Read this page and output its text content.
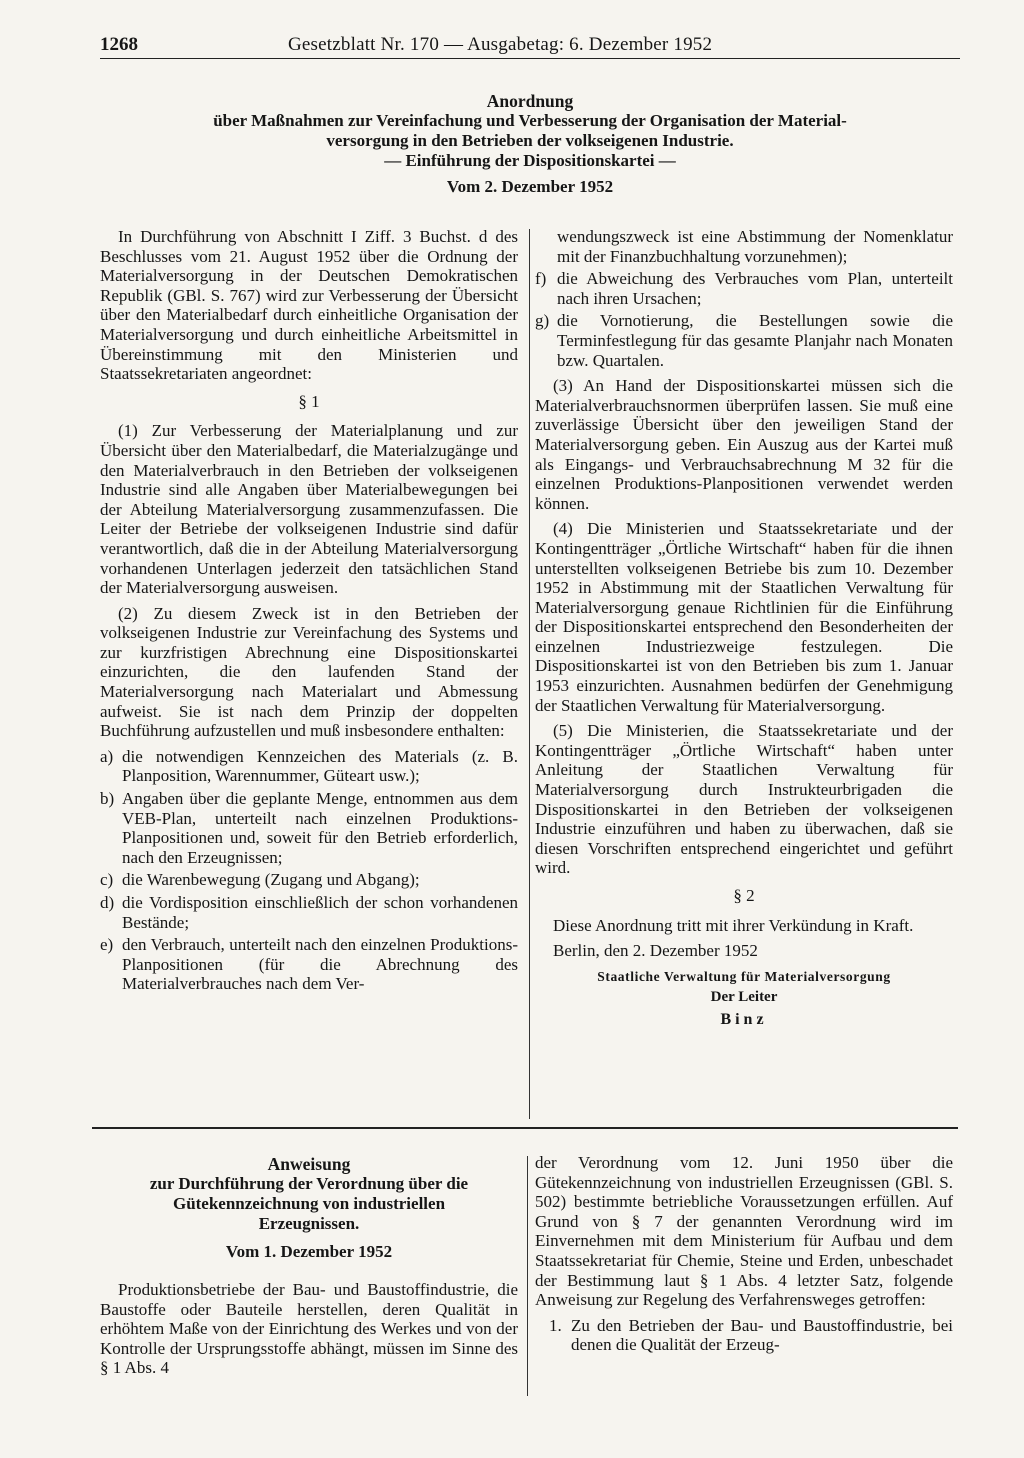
1268	Gesetzblatt Nr. 170 — Ausgabetag: 6. Dezember 1952
Anordnung
über Maßnahmen zur Vereinfachung und Verbesserung der Organisation der Material-
versorgung in den Betrieben der volkseigenen Industrie.
— Einführung der Dispositionskartei —
Vom 2. Dezember 1952

In Durchführung von Abschnitt I Ziff. 3 Buchst. d des Beschlusses vom 21. August 1952 über die Ordnung der Materialversorgung in der Deutschen Demokratischen Republik (GBl. S. 767) wird zur Verbesserung der Übersicht über den Materialbedarf durch einheitliche Organisation der Materialversorgung und durch einheitliche Arbeitsmittel in Übereinstimmung mit den Ministerien und Staatssekretariaten angeordnet:

§ 1

(1) Zur Verbesserung der Materialplanung und zur Übersicht über den Materialbedarf, die Materialzugänge und den Materialverbrauch in den Betrieben der volkseigenen Industrie sind alle Angaben über Materialbewegungen bei der Abteilung Materialversorgung zusammenzufassen. Die Leiter der Betriebe der volkseigenen Industrie sind dafür verantwortlich, daß die in der Abteilung Materialversorgung vorhandenen Unterlagen jederzeit den tatsächlichen Stand der Materialversorgung ausweisen.

(2) Zu diesem Zweck ist in den Betrieben der volkseigenen Industrie zur Vereinfachung des Systems und zur kurzfristigen Abrechnung eine Dispositionskartei einzurichten, die den laufenden Stand der Materialversorgung nach Materialart und Abmessung aufweist. Sie ist nach dem Prinzip der doppelten Buchführung aufzustellen und muß insbesondere enthalten:

a) die notwendigen Kennzeichen des Materials (z. B. Planposition, Warennummer, Güteart usw.);
b) Angaben über die geplante Menge, entnommen aus dem VEB-Plan, unterteilt nach einzelnen Produktions-Planpositionen und, soweit für den Betrieb erforderlich, nach den Erzeugnissen;
c) die Warenbewegung (Zugang und Abgang);
d) die Vordisposition einschließlich der schon vorhandenen Bestände;
e) den Verbrauch, unterteilt nach den einzelnen Produktions-Planpositionen (für die Abrechnung des Materialverbrauches nach dem Ver-
wendungszweck ist eine Abstimmung der Nomenklatur mit der Finanzbuchhaltung vorzunehmen);
f) die Abweichung des Verbrauches vom Plan, unterteilt nach ihren Ursachen;
g) die Vornotierung, die Bestellungen sowie die Terminfestlegung für das gesamte Planjahr nach Monaten bzw. Quartalen.

(3) An Hand der Dispositionskartei müssen sich die Materialverbrauchsnormen überprüfen lassen. Sie muß eine zuverlässige Übersicht über den jeweiligen Stand der Materialversorgung geben. Ein Auszug aus der Kartei muß als Eingangs- und Verbrauchsabrechnung M 32 für die einzelnen Produktions-Planpositionen verwendet werden können.

(4) Die Ministerien und Staatssekretariate und der Kontingentträger „Örtliche Wirtschaft“ haben für die ihnen unterstellten volkseigenen Betriebe bis zum 10. Dezember 1952 in Abstimmung mit der Staatlichen Verwaltung für Materialversorgung genaue Richtlinien für die Einführung der Dispositionskartei entsprechend den Besonderheiten der einzelnen Industriezweige festzulegen. Die Dispositionskartei ist von den Betrieben bis zum 1. Januar 1953 einzurichten. Ausnahmen bedürfen der Genehmigung der Staatlichen Verwaltung für Materialversorgung.

(5) Die Ministerien, die Staatssekretariate und der Kontingentträger „Örtliche Wirtschaft“ haben unter Anleitung der Staatlichen Verwaltung für Materialversorgung durch Instrukteurbrigaden die Dispositionskartei in den Betrieben der volkseigenen Industrie einzuführen und haben zu überwachen, daß sie diesen Vorschriften entsprechend eingerichtet und geführt wird.

§ 2

Diese Anordnung tritt mit ihrer Verkündung in Kraft.

Berlin, den 2. Dezember 1952

Staatliche Verwaltung für Materialversorgung
Der Leiter
Binz
Anweisung
zur Durchführung der Verordnung über die
Gütekennzeichnung von industriellen
Erzeugnissen.
Vom 1. Dezember 1952

Produktionsbetriebe der Bau- und Baustoffindustrie, die Baustoffe oder Bauteile herstellen, deren Qualität in erhöhtem Maße von der Einrichtung des Werkes und von der Kontrolle der Ursprungsstoffe abhängt, müssen im Sinne des § 1 Abs. 4

der Verordnung vom 12. Juni 1950 über die Gütekennzeichnung von industriellen Erzeugnissen (GBl. S. 502) bestimmte betriebliche Voraussetzungen erfüllen. Auf Grund von § 7 der genannten Verordnung wird im Einvernehmen mit dem Ministerium für Aufbau und dem Staatssekretariat für Chemie, Steine und Erden, unbeschadet der Bestimmung laut § 1 Abs. 4 letzter Satz, folgende Anweisung zur Regelung des Verfahrensweges getroffen:

1. Zu den Betrieben der Bau- und Baustoffindustrie, bei denen die Qualität der Erzeug-
